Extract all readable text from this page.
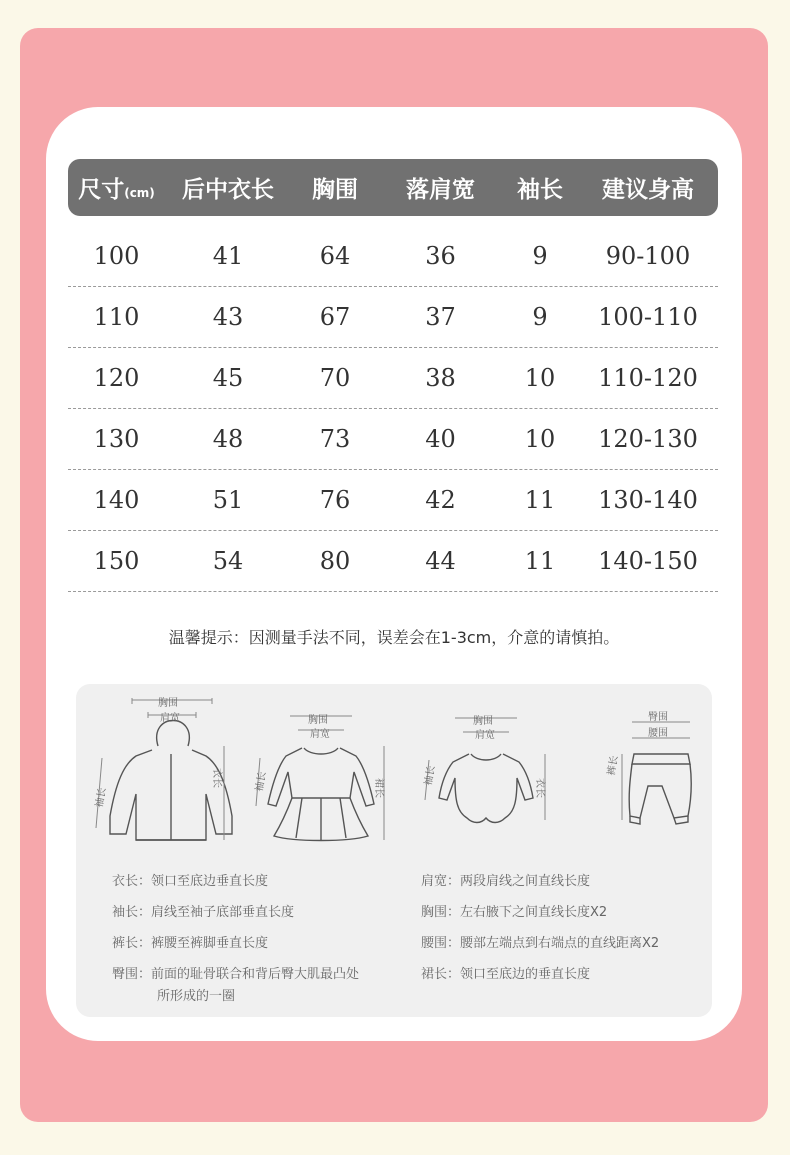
尺寸(cm)	后中衣长	胸围	落肩宽	袖长	建议身高
100	41	64	36	9	90-100
110	43	67	37	9	100-110
120	45	70	38	10	110-120
130	48	73	40	10	120-130
140	51	76	42	11	130-140
150	54	80	44	11	140-150
温馨提示：因测量手法不同，误差会在1-3cm，介意的请慎拍。
胸围
肩宽
衣长
袖长
胸围
肩宽
裙长
袖长
胸围
肩宽
衣长
袖长
臀围
腰围
裤长
衣长：领口至底边垂直长度
袖长：肩线至袖子底部垂直长度
裤长：裤腰至裤脚垂直长度
臀围：前面的耻骨联合和背后臀大肌最凸处
所形成的一圈
肩宽：两段肩线之间直线长度
胸围：左右腋下之间直线长度X2
腰围：腰部左端点到右端点的直线距离X2
裙长：领口至底边的垂直长度
